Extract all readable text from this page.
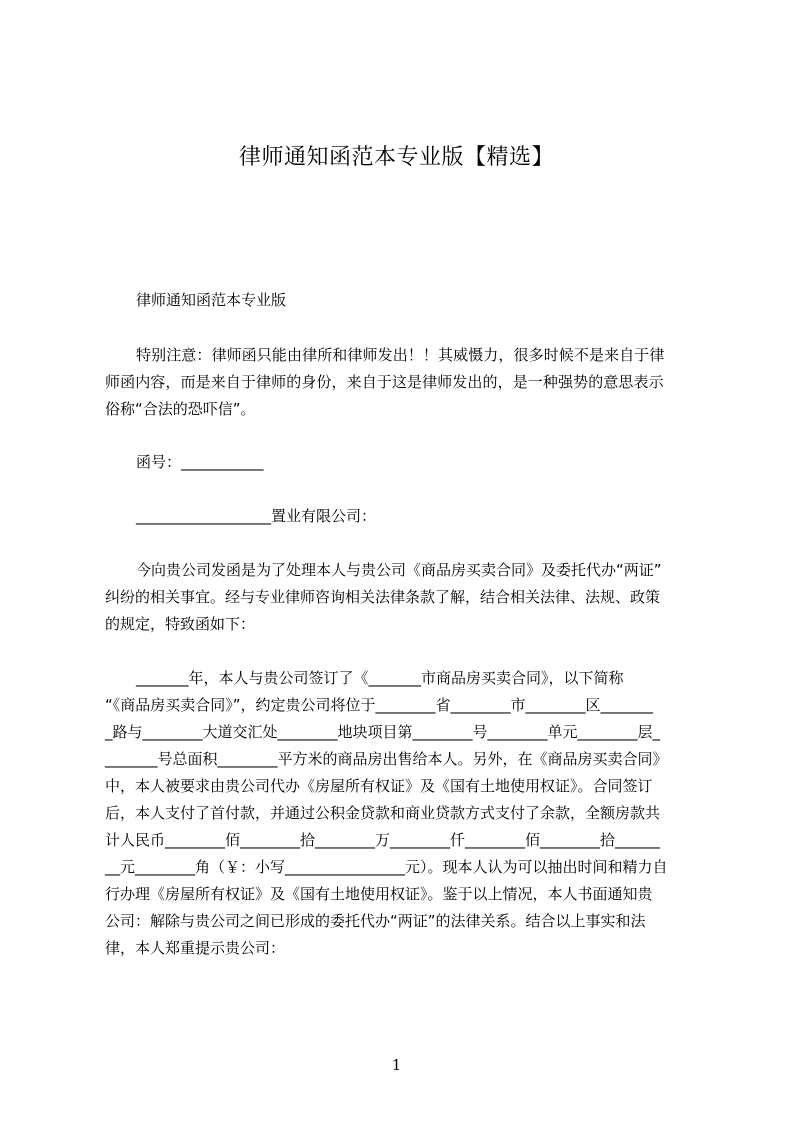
律师通知函范本专业版【精选】
律师通知函范本专业版
特别注意：律师函只能由律所和律师发出！！其威慑力，很多时候不是来自于律
师函内容，而是来自于律师的身份，来自于这是律师发出的，是一种强势的意思表示
俗称“合法的恐吓信”。
函号：___________
__________________置业有限公司：
今向贵公司发函是为了处理本人与贵公司《商品房买卖合同》及委托代办“两证”
纠纷的相关事宜。经与专业律师咨询相关法律条款了解，结合相关法律、法规、政策
的规定，特致函如下：
_______年，本人与贵公司签订了《_______市商品房买卖合同》，以下简称
“《商品房买卖合同》”，约定贵公司将位于________省________市________区_______
_路与________大道交汇处________地块项目第________号________单元________层_
_______号总面积________平方米的商品房出售给本人。另外，在《商品房买卖合同》
中，本人被要求由贵公司代办《房屋所有权证》及《国有土地使用权证》。合同签订
后，本人支付了首付款，并通过公积金贷款和商业贷款方式支付了余款，全额房款共
计人民币________佰________拾________万________仟________佰________拾______
__元________角（￥：小写________________元）。现本人认为可以抽出时间和精力自
行办理《房屋所有权证》及《国有土地使用权证》。鉴于以上情况，本人书面通知贵
公司：解除与贵公司之间已形成的委托代办“两证”的法律关系。结合以上事实和法
律，本人郑重提示贵公司：
1
